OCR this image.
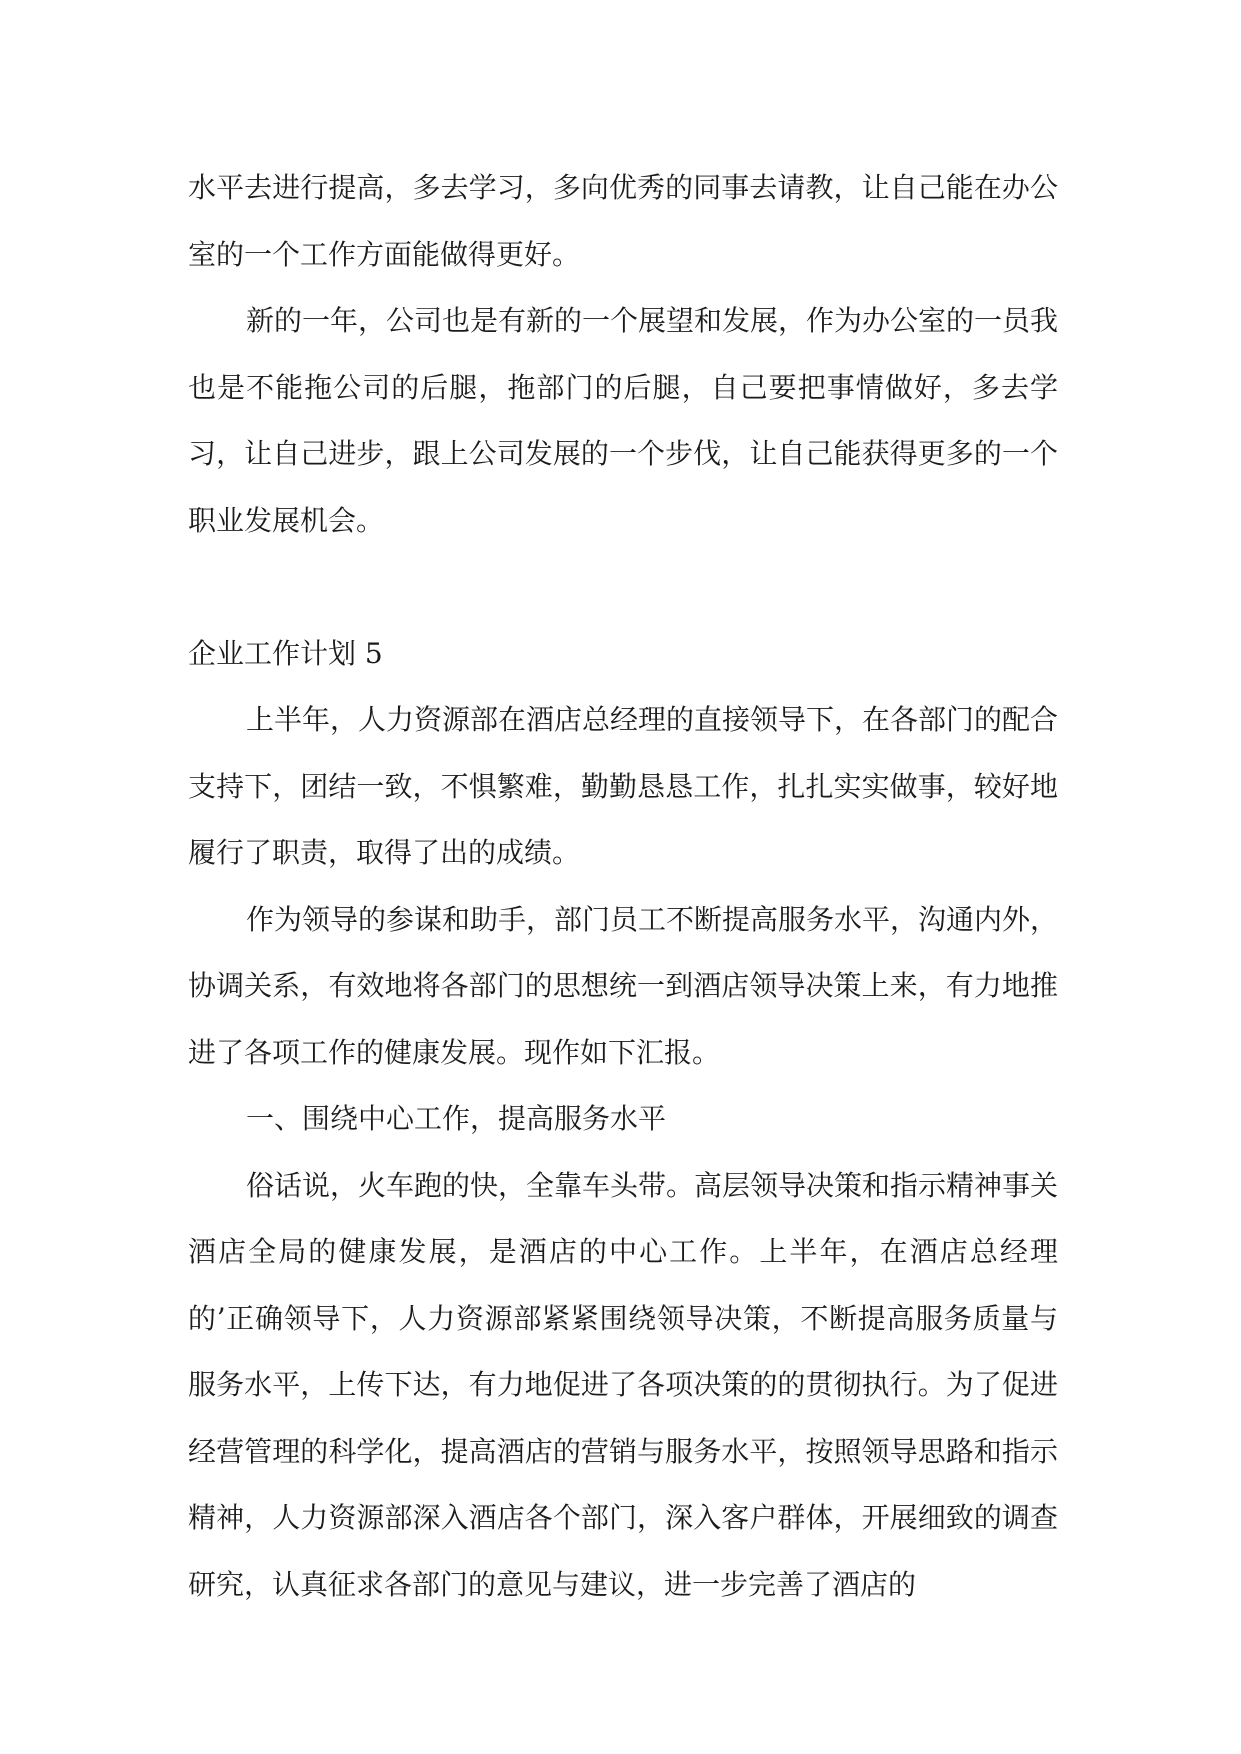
水平去进行提高，多去学习，多向优秀的同事去请教，让自己能在办公室的一个工作方面能做得更好。

新的一年，公司也是有新的一个展望和发展，作为办公室的一员我也是不能拖公司的后腿，拖部门的后腿，自己要把事情做好，多去学习，让自己进步，跟上公司发展的一个步伐，让自己能获得更多的一个职业发展机会。

企业工作计划 5

上半年，人力资源部在酒店总经理的直接领导下，在各部门的配合支持下，团结一致，不惧繁难，勤勤恳恳工作，扎扎实实做事，较好地履行了职责，取得了出的成绩。

作为领导的参谋和助手，部门员工不断提高服务水平，沟通内外，协调关系，有效地将各部门的思想统一到酒店领导决策上来，有力地推进了各项工作的健康发展。现作如下汇报。

一、围绕中心工作，提高服务水平

俗话说，火车跑的快，全靠车头带。高层领导决策和指示精神事关酒店全局的健康发展，是酒店的中心工作。上半年，在酒店总经理的’正确领导下，人力资源部紧紧围绕领导决策，不断提高服务质量与服务水平，上传下达，有力地促进了各项决策的的贯彻执行。为了促进经营管理的科学化，提高酒店的营销与服务水平，按照领导思路和指示精神，人力资源部深入酒店各个部门，深入客户群体，开展细致的调查研究，认真征求各部门的意见与建议，进一步完善了酒店的
